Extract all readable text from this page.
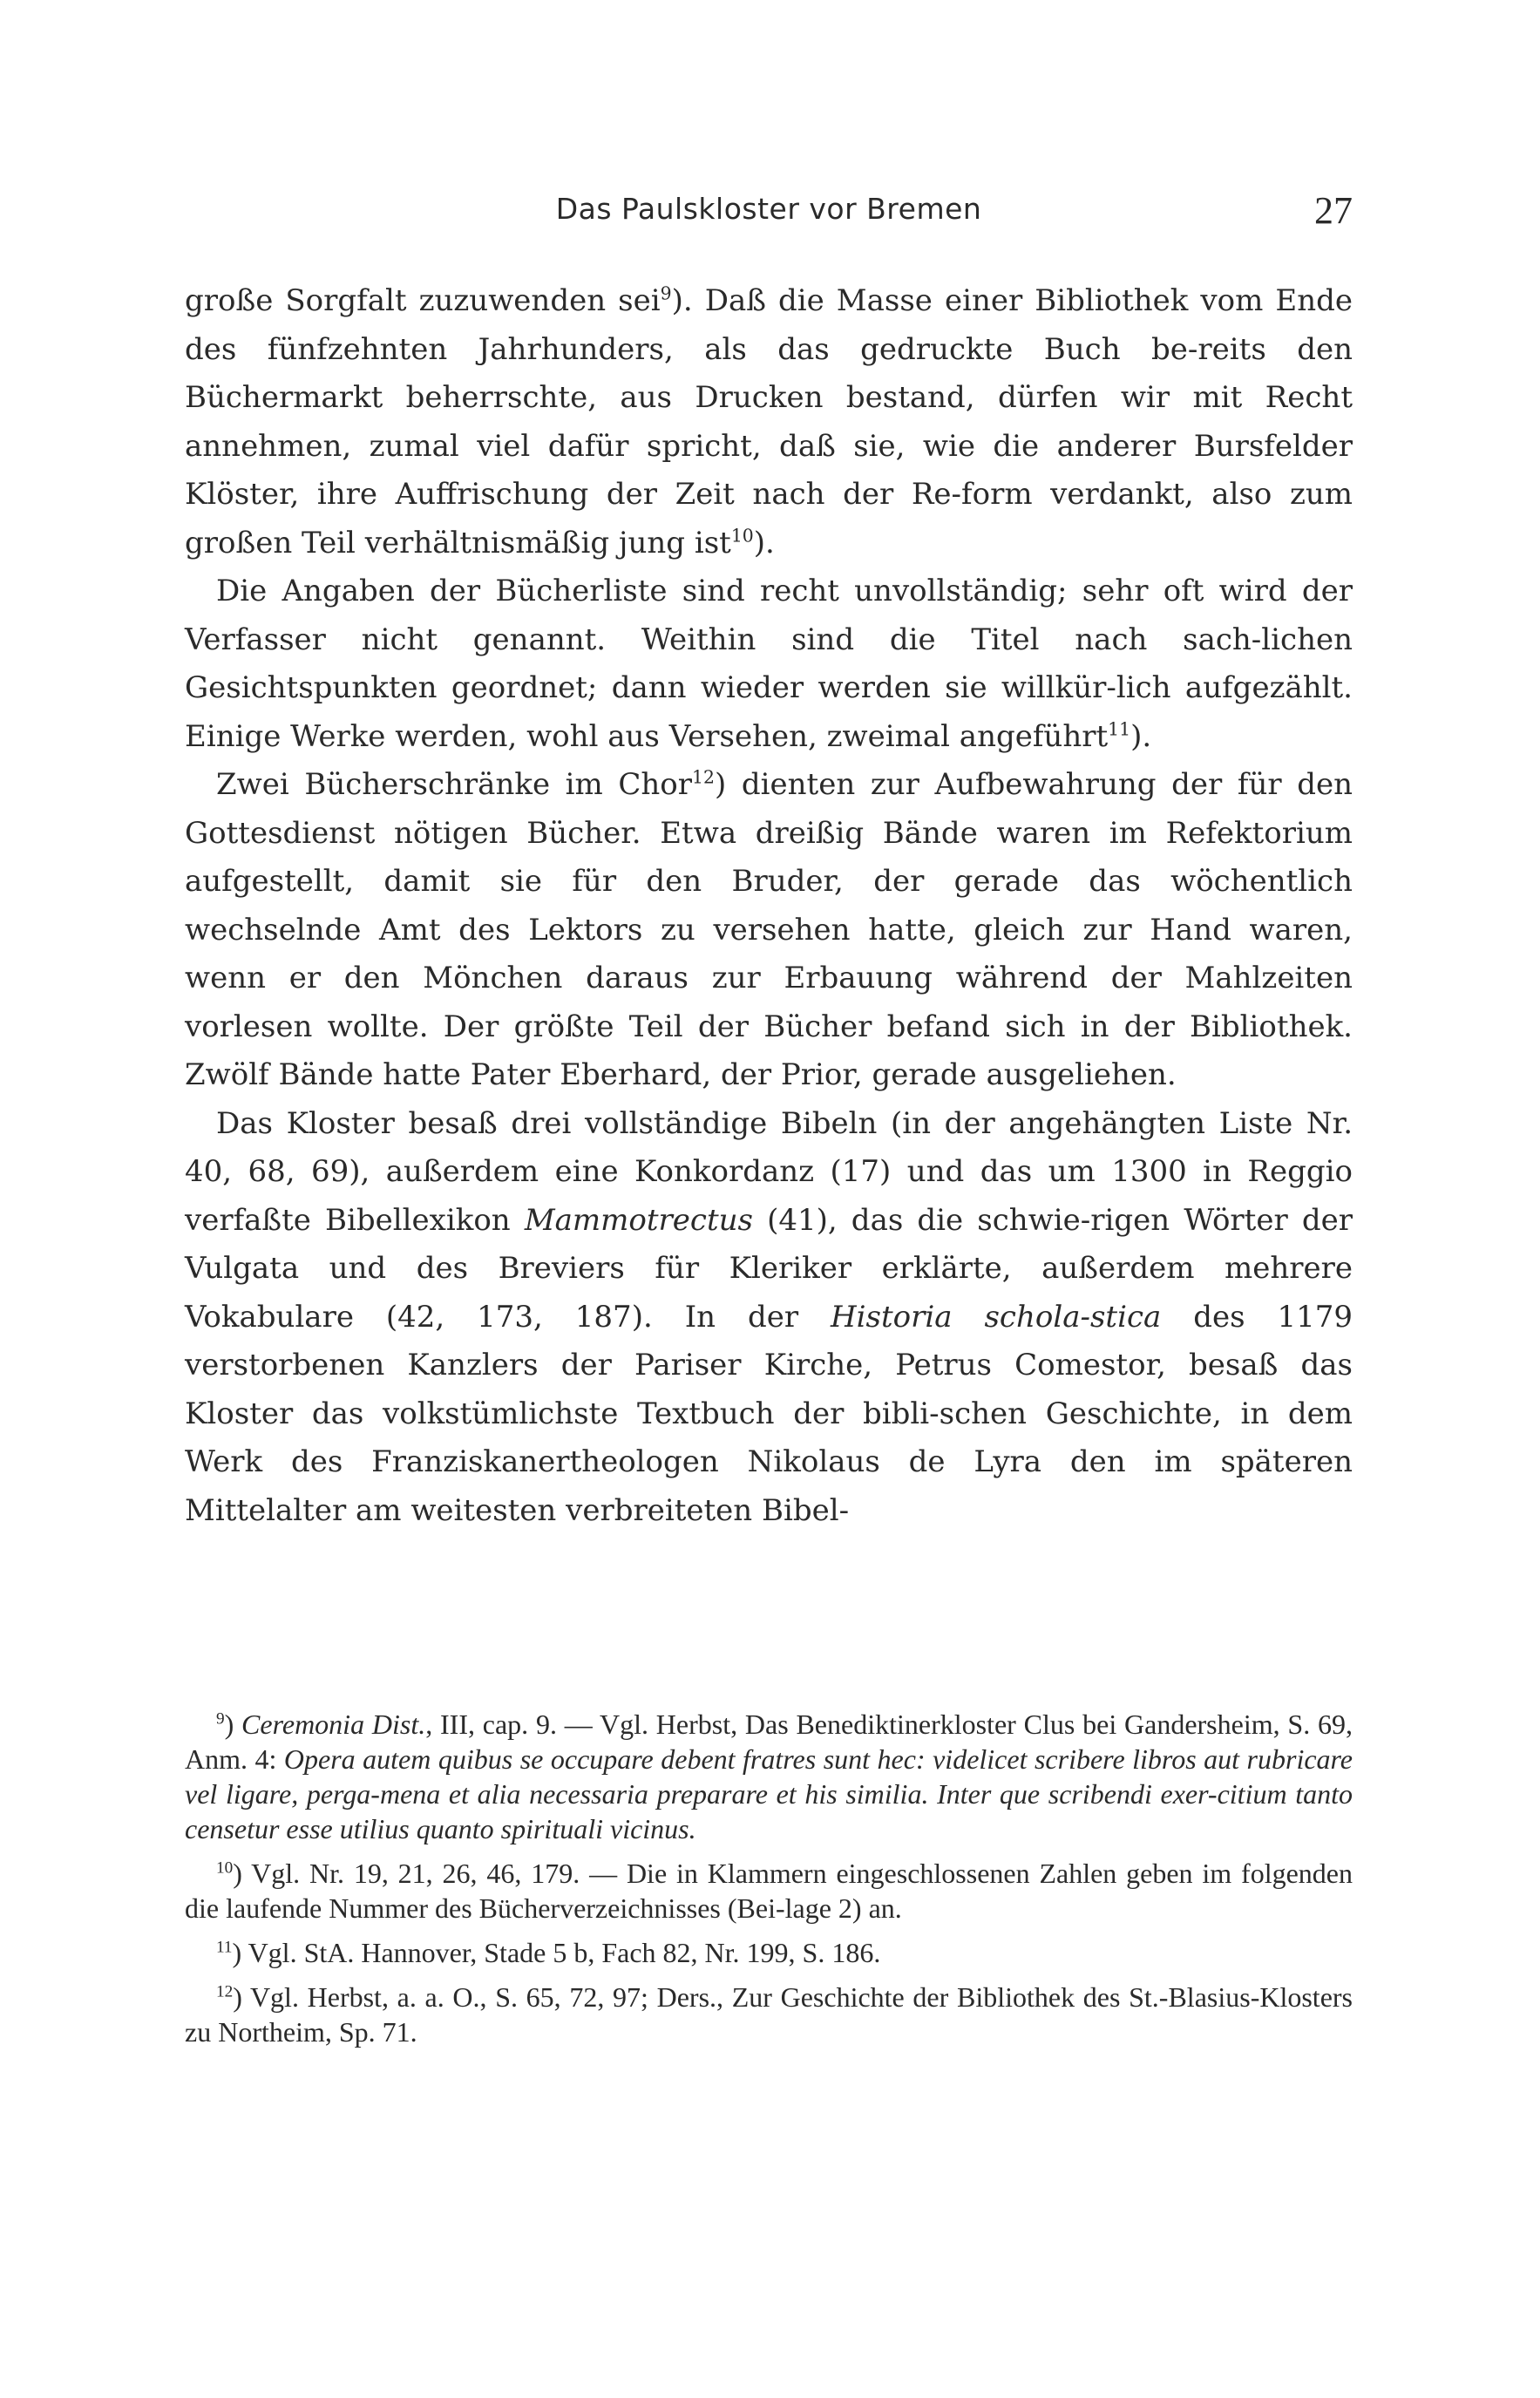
Das Paulskloster vor Bremen	27

große Sorgfalt zuzuwenden sei$^9$). Daß die Masse einer Bibliothek vom Ende des fünfzehnten Jahrhunders, als das gedruckte Buch be-reits den Büchermarkt beherrschte, aus Drucken bestand, dürfen wir mit Recht annehmen, zumal viel dafür spricht, daß sie, wie die anderer Bursfelder Klöster, ihre Auffrischung der Zeit nach der Re-form verdankt, also zum großen Teil verhältnismäßig jung ist$^{10}$).

Die Angaben der Bücherliste sind recht unvollständig; sehr oft wird der Verfasser nicht genannt. Weithin sind die Titel nach sach-lichen Gesichtspunkten geordnet; dann wieder werden sie willkür-lich aufgezählt. Einige Werke werden, wohl aus Versehen, zweimal angeführt$^{11}$).

Zwei Bücherschränke im Chor$^{12}$) dienten zur Aufbewahrung der für den Gottesdienst nötigen Bücher. Etwa dreißig Bände waren im Refektorium aufgestellt, damit sie für den Bruder, der gerade das wöchentlich wechselnde Amt des Lektors zu versehen hatte, gleich zur Hand waren, wenn er den Mönchen daraus zur Erbauung während der Mahlzeiten vorlesen wollte. Der größte Teil der Bücher befand sich in der Bibliothek. Zwölf Bände hatte Pater Eberhard, der Prior, gerade ausgeliehen.

Das Kloster besaß drei vollständige Bibeln (in der angehängten Liste Nr. 40, 68, 69), außerdem eine Konkordanz (17) und das um 1300 in Reggio verfaßte Bibellexikon Mammotrectus (41), das die schwie-rigen Wörter der Vulgata und des Breviers für Kleriker erklärte, außerdem mehrere Vokabulare (42, 173, 187). In der Historia schola-stica des 1179 verstorbenen Kanzlers der Pariser Kirche, Petrus Comestor, besaß das Kloster das volkstümlichste Textbuch der bibli-schen Geschichte, in dem Werk des Franziskanertheologen Nikolaus de Lyra den im späteren Mittelalter am weitesten verbreiteten Bibel-

$^9$) Ceremonia Dist., III, cap. 9. — Vgl. Herbst, Das Benediktinerkloster Clus bei Gandersheim, S. 69, Anm. 4: Opera autem quibus se occupare debent fratres sunt hec: videlicet scribere libros aut rubricare vel ligare, perga-mena et alia necessaria preparare et his similia. Inter que scribendi exer-citium tanto censetur esse utilius quanto spirituali vicinus.

$^{10}$) Vgl. Nr. 19, 21, 26, 46, 179. — Die in Klammern eingeschlossenen Zahlen geben im folgenden die laufende Nummer des Bücherverzeichnisses (Bei-lage 2) an.

$^{11}$) Vgl. StA. Hannover, Stade 5 b, Fach 82, Nr. 199, S. 186.

$^{12}$) Vgl. Herbst, a. a. O., S. 65, 72, 97; Ders., Zur Geschichte der Bibliothek des St.-Blasius-Klosters zu Northeim, Sp. 71.
